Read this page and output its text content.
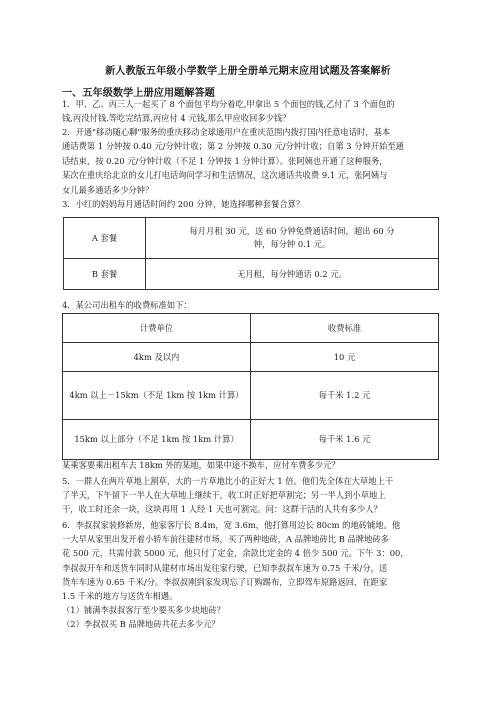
新人教版五年级小学数学上册全册单元期末应用试题及答案解析
一、五年级数学上册应用题解答题
1．甲、乙、丙三人一起买了 8 个面包平均分着吃,甲拿出 5 个面包的钱,乙付了 3 个面包的
钱,丙没付钱.等吃完结算,丙应付 4 元钱,那么甲应收回多少钱？
2．开通"移动随心聊"服务的重庆移动全球通用户在重庆范围内拨打国内任意电话时，基本
通话费第 1 分钟按 0.40 元/分钟计收；第 2 分钟按 0.30 元/分钟计收；自第 3 分钟开始至通
话结束，按 0.20 元/分钟计收（不足 1 分钟按 1 分钟计算）。张阿姨也开通了这种服务，
某次在重庆给北京的女儿打电话询问学习和生活情况，这次通话共收费 9.1 元，张阿姨与
女儿最多通话多少分钟？
3．小红的妈妈每月通话时间约 200 分钟，她选择哪种套餐合算？
A 套餐	每月月租 30 元，送 60 分钟免费通话时间，超出 60 分
钟，每分钟 0.1 元。

B 套餐	无月租，每分钟通话 0.2 元。
4．某公司出租车的收费标准如下：
计费单位	收费标准
4km 及以内	10 元
4km 以上－15km（不足 1km 按 1km 计算）	每千米 1.2 元
15km 以上部分（不足 1km 按 1km 计算）	每千米 1.6 元
某乘客要乘出租车去 18km 外的某地，如果中途不换车，应付车费多少元？
5．一群人在两片草地上割草，大的一片草地比小的正好大 1 倍。他们先全体在大草地上干
了半天，下午留下一半人在大草地上继续干，收工时正好把草割完；另一半人到小草地上
干，收工时还余一块，这块再用 1 人经 1 天也可割完。问：这群干活的人共有多少人？
6．李叔叔家装修新房，他家客厅长 8.4m，宽 3.6m，他打算用边长 80cm 的地砖铺地。他
一大早从家里出发开着小轿车前往建材市场，买了两种地砖，A 品牌地砖比 B 品牌地砖多
花 500 元，共需付款 5000 元，他只付了定金，余款比定金的 4 倍少 500 元。下午 3：00，
李叔叔开车和送货车同时从建材市场出发往家行驶，已知李叔叔车速为 0.75 千米/分，送
货车车速为 0.65 千米/分。李叔叔刚到家发现忘了订购踢布，立即驾车原路返回，在距家
1.5 千米的地方与送货车相遇。
（1）铺满李叔叔客厅至少要买多少块地砖？
（2）李叔叔买 B 品牌地砖共花去多少元？
